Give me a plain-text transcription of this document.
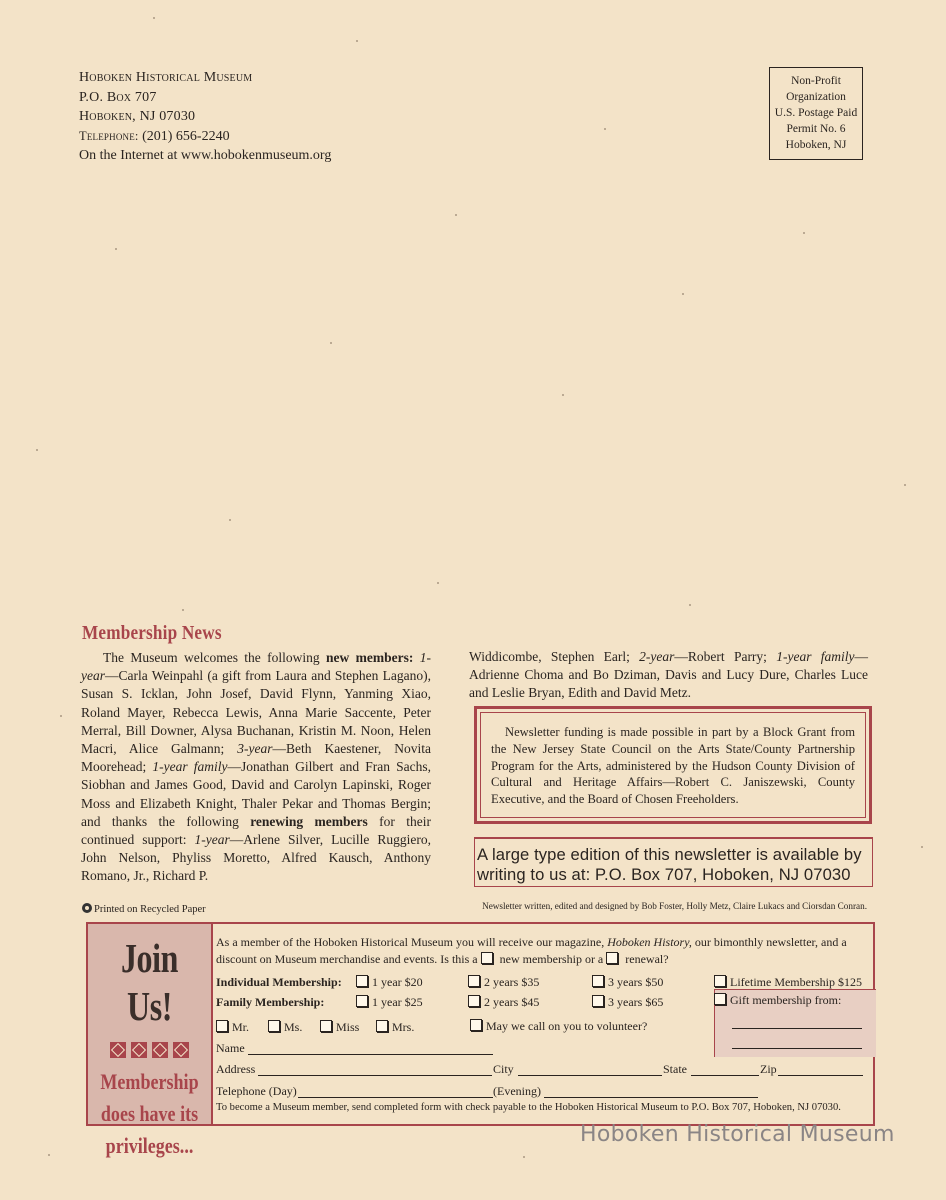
Hoboken Historical Museum
P.O. Box 707
Hoboken, NJ 07030
Telephone: (201) 656-2240
On the Internet at www.hobokenmuseum.org
Non-Profit
Organization
U.S. Postage Paid
Permit No. 6
Hoboken, NJ
Membership News
The Museum welcomes the following new members: 1-year—Carla Weinpahl (a gift from Laura and Stephen Lagano), Susan S. Icklan, John Josef, David Flynn, Yanming Xiao, Roland Mayer, Rebecca Lewis, Anna Marie Saccente, Peter Merral, Bill Downer, Alysa Buchanan, Kristin M. Noon, Helen Macri, Alice Galmann; 3-year—Beth Kaestener, Novita Moorehead; 1-year family—Jonathan Gilbert and Fran Sachs, Siobhan and James Good, David and Carolyn Lapinski, Roger Moss and Elizabeth Knight, Thaler Pekar and Thomas Bergin; and thanks the following renewing members for their continued support: 1-year—Arlene Silver, Lucille Ruggiero, John Nelson, Phyliss Moretto, Alfred Kausch, Anthony Romano, Jr., Richard P.
Widdicombe, Stephen Earl; 2-year—Robert Parry; 1-year family—Adrienne Choma and Bo Dziman, Davis and Lucy Dure, Charles Luce and Leslie Bryan, Edith and David Metz.
Newsletter funding is made possible in part by a Block Grant from the New Jersey State Council on the Arts State/County Partnership Program for the Arts, administered by the Hudson County Division of Cultural and Heritage Affairs—Robert C. Janiszewski, County Executive, and the Board of Chosen Freeholders.
A large type edition of this newsletter is available by writing to us at: P.O. Box 707, Hoboken, NJ 07030
Printed on Recycled Paper	Newsletter written, edited and designed by Bob Foster, Holly Metz, Claire Lukacs and Ciorsdan Conran.
Join Us!
Membership
does have its
privileges...
As a member of the Hoboken Historical Museum you will receive our magazine, Hoboken History, our bimonthly newsletter, and a discount on Museum merchandise and events. Is this a  new membership or a  renewal?
Individual Membership:	1 year $20	2 years $35	3 years $50	Lifetime Membership $125
Family Membership:	1 year $25	2 years $45	3 years $65	Gift membership from:
Mr.	Ms.	Miss	Mrs.	May we call on you to volunteer?
Name
Address	City	State	Zip
Telephone (Day)	(Evening)
To become a Museum member, send completed form with check payable to the Hoboken Historical Museum to P.O. Box 707, Hoboken, NJ 07030.
Hoboken Historical Museum
